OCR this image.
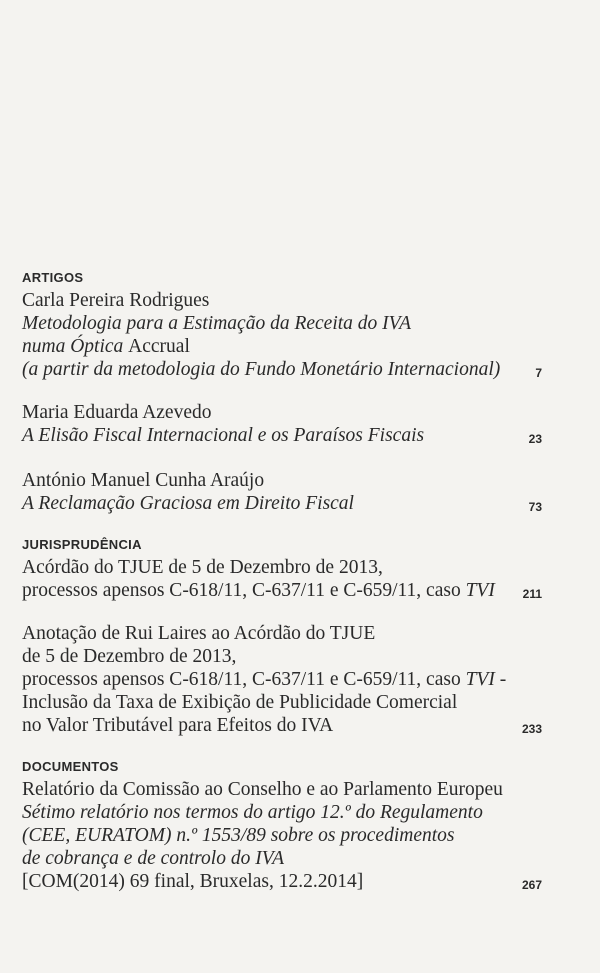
ARTIGOS
Carla Pereira Rodrigues
Metodologia para a Estimação da Receita do IVA
numa Óptica Accrual
(a partir da metodologia do Fundo Monetário Internacional)	7
Maria Eduarda Azevedo
A Elisão Fiscal Internacional e os Paraísos Fiscais	23
António Manuel Cunha Araújo
A Reclamação Graciosa em Direito Fiscal	73
JURISPRUDÊNCIA
Acórdão do TJUE de 5 de Dezembro de 2013,
processos apensos C-618/11, C-637/11 e C-659/11, caso TVI	211
Anotação de Rui Laires ao Acórdão do TJUE
de 5 de Dezembro de 2013,
processos apensos C-618/11, C-637/11 e C-659/11, caso TVI -
Inclusão da Taxa de Exibição de Publicidade Comercial
no Valor Tributável para Efeitos do IVA	233
DOCUMENTOS
Relatório da Comissão ao Conselho e ao Parlamento Europeu
Sétimo relatório nos termos do artigo 12.º do Regulamento
(CEE, EURATOM) n.º 1553/89 sobre os procedimentos
de cobrança e de controlo do IVA
[COM(2014) 69 final, Bruxelas, 12.2.2014]	267
